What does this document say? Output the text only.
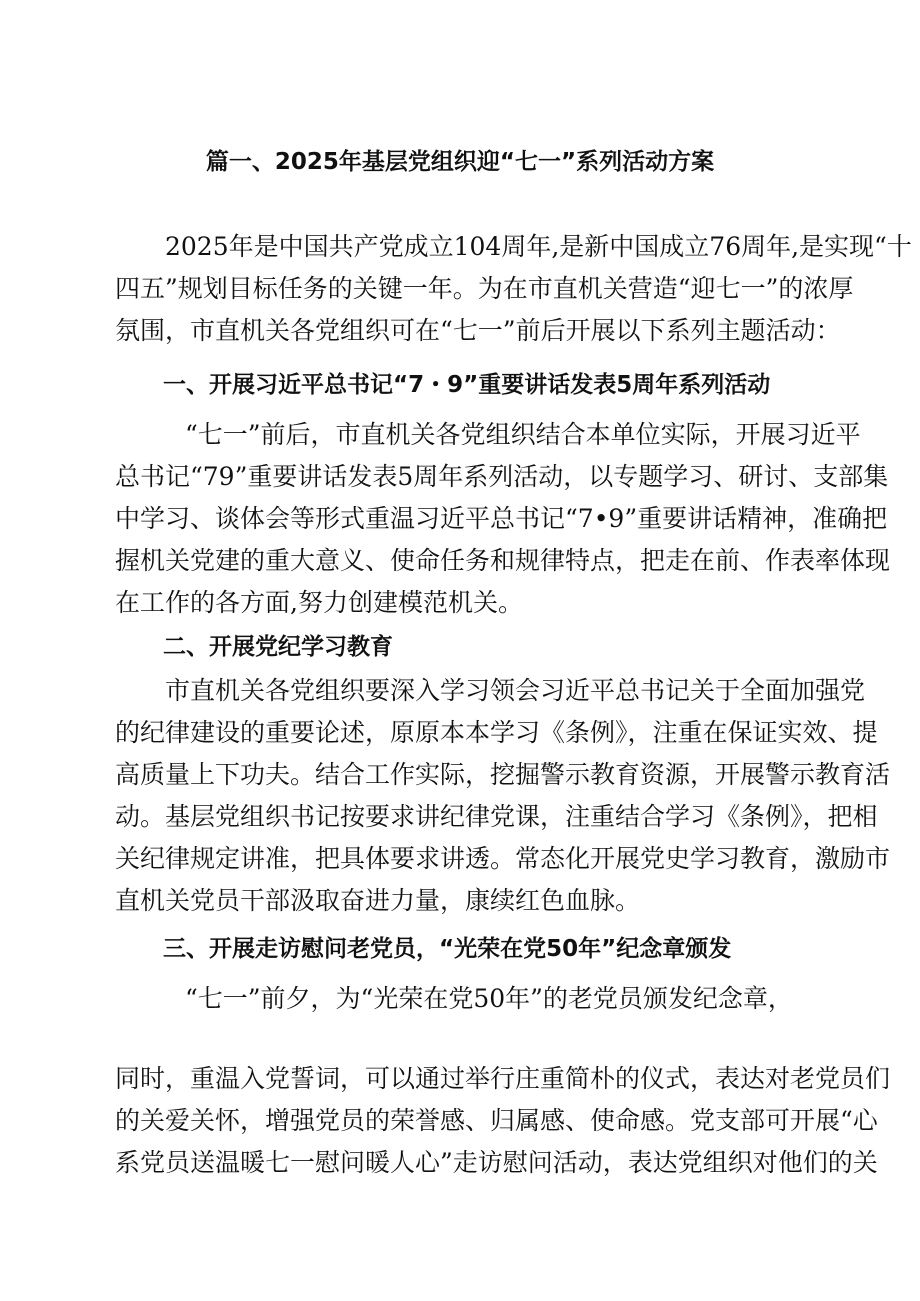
篇一、2025年基层党组织迎“七一”系列活动方案
2025年是中国共产党成立104周年,是新中国成立76周年,是实现“十
四五”规划目标任务的关键一年。为在市直机关营造“迎七一”的浓厚
氛围，市直机关各党组织可在“七一”前后开展以下系列主题活动：
一、开展习近平总书记“7・9”重要讲话发表5周年系列活动
“七一”前后，市直机关各党组织结合本单位实际，开展习近平
总书记“79”重要讲话发表5周年系列活动，以专题学习、研讨、支部集
中学习、谈体会等形式重温习近平总书记“7•9”重要讲话精神，准确把
握机关党建的重大意义、使命任务和规律特点，把走在前、作表率体现
在工作的各方面,努力创建模范机关。
二、开展党纪学习教育
市直机关各党组织要深入学习领会习近平总书记关于全面加强党
的纪律建设的重要论述，原原本本学习《条例》，注重在保证实效、提
高质量上下功夫。结合工作实际，挖掘警示教育资源，开展警示教育活
动。基层党组织书记按要求讲纪律党课，注重结合学习《条例》，把相
关纪律规定讲准，把具体要求讲透。常态化开展党史学习教育，激励市
直机关党员干部汲取奋进力量，康续红色血脉。
三、开展走访慰问老党员，“光荣在党50年”纪念章颁发
“七一”前夕，为“光荣在党50年”的老党员颁发纪念章，
同时，重温入党誓词，可以通过举行庄重简朴的仪式，表达对老党员们
的关爱关怀，增强党员的荣誉感、归属感、使命感。党支部可开展“心
系党员送温暖七一慰问暖人心”走访慰问活动，表达党组织对他们的关
